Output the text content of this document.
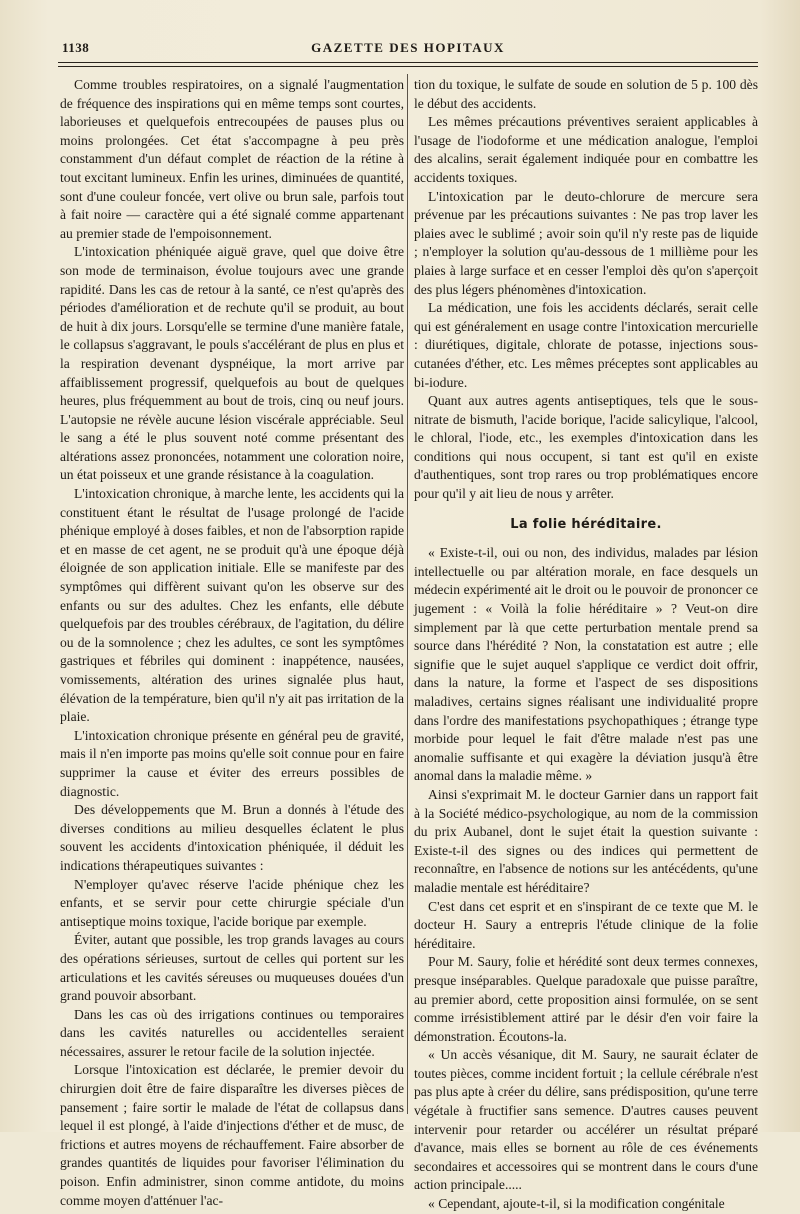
1138	GAZETTE DES HOPITAUX

Comme troubles respiratoires, on a signalé l'augmentation de fréquence des inspirations qui en même temps sont courtes, laborieuses et quelquefois entrecoupées de pauses plus ou moins prolongées. Cet état s'accompagne à peu près constamment d'un défaut complet de réaction de la rétine à tout excitant lumineux. Enfin les urines, diminuées de quantité, sont d'une couleur foncée, vert olive ou brun sale, parfois tout à fait noire — caractère qui a été signalé comme appartenant au premier stade de l'empoisonnement.

L'intoxication phéniquée aiguë grave, quel que doive être son mode de terminaison, évolue toujours avec une grande rapidité. Dans les cas de retour à la santé, ce n'est qu'après des périodes d'amélioration et de rechute qu'il se produit, au bout de huit à dix jours. Lorsqu'elle se termine d'une manière fatale, le collapsus s'aggravant, le pouls s'accélérant de plus en plus et la respiration devenant dyspnéique, la mort arrive par affaiblissement progressif, quelquefois au bout de quelques heures, plus fréquemment au bout de trois, cinq ou neuf jours. L'autopsie ne révèle aucune lésion viscérale appréciable. Seul le sang a été le plus souvent noté comme présentant des altérations assez prononcées, notamment une coloration noire, un état poisseux et une grande résistance à la coagulation.

L'intoxication chronique, à marche lente, les accidents qui la constituent étant le résultat de l'usage prolongé de l'acide phénique employé à doses faibles, et non de l'absorption rapide et en masse de cet agent, ne se produit qu'à une époque déjà éloignée de son application initiale. Elle se manifeste par des symptômes qui diffèrent suivant qu'on les observe sur des enfants ou sur des adultes. Chez les enfants, elle débute quelquefois par des troubles cérébraux, de l'agitation, du délire ou de la somnolence ; chez les adultes, ce sont les symptômes gastriques et fébriles qui dominent : inappétence, nausées, vomissements, altération des urines signalée plus haut, élévation de la température, bien qu'il n'y ait pas irritation de la plaie.

L'intoxication chronique présente en général peu de gravité, mais il n'en importe pas moins qu'elle soit connue pour en faire supprimer la cause et éviter des erreurs possibles de diagnostic.

Des développements que M. Brun a donnés à l'étude des diverses conditions au milieu desquelles éclatent le plus souvent les accidents d'intoxication phéniquée, il déduit les indications thérapeutiques suivantes :

N'employer qu'avec réserve l'acide phénique chez les enfants, et se servir pour cette chirurgie spéciale d'un antiseptique moins toxique, l'acide borique par exemple.

Éviter, autant que possible, les trop grands lavages au cours des opérations sérieuses, surtout de celles qui portent sur les articulations et les cavités séreuses ou muqueuses douées d'un grand pouvoir absorbant.

Dans les cas où des irrigations continues ou temporaires dans les cavités naturelles ou accidentelles seraient nécessaires, assurer le retour facile de la solution injectée.

Lorsque l'intoxication est déclarée, le premier devoir du chirurgien doit être de faire disparaître les diverses pièces de pansement ; faire sortir le malade de l'état de collapsus dans lequel il est plongé, à l'aide d'injections d'éther et de musc, de frictions et autres moyens de réchauffement. Faire absorber de grandes quantités de liquides pour favoriser l'élimination du poison. Enfin administrer, sinon comme antidote, du moins comme moyen d'atténuer l'ac-

tion du toxique, le sulfate de soude en solution de 5 p. 100 dès le début des accidents.

Les mêmes précautions préventives seraient applicables à l'usage de l'iodoforme et une médication analogue, l'emploi des alcalins, serait également indiquée pour en combattre les accidents toxiques.

L'intoxication par le deuto-chlorure de mercure sera prévenue par les précautions suivantes : Ne pas trop laver les plaies avec le sublimé ; avoir soin qu'il n'y reste pas de liquide ; n'employer la solution qu'au-dessous de 1 millième pour les plaies à large surface et en cesser l'emploi dès qu'on s'aperçoit des plus légers phénomènes d'intoxication.

La médication, une fois les accidents déclarés, serait celle qui est généralement en usage contre l'intoxication mercurielle : diurétiques, digitale, chlorate de potasse, injections sous-cutanées d'éther, etc. Les mêmes préceptes sont applicables au bi-iodure.

Quant aux autres agents antiseptiques, tels que le sous-nitrate de bismuth, l'acide borique, l'acide salicylique, l'alcool, le chloral, l'iode, etc., les exemples d'intoxication dans les conditions qui nous occupent, si tant est qu'il en existe d'authentiques, sont trop rares ou trop problématiques encore pour qu'il y ait lieu de nous y arrêter.

La folie héréditaire.

« Existe-t-il, oui ou non, des individus, malades par lésion intellectuelle ou par altération morale, en face desquels un médecin expérimenté ait le droit ou le pouvoir de prononcer ce jugement : « Voilà la folie héréditaire » ? Veut-on dire simplement par là que cette perturbation mentale prend sa source dans l'hérédité ? Non, la constatation est autre ; elle signifie que le sujet auquel s'applique ce verdict doit offrir, dans la nature, la forme et l'aspect de ses dispositions maladives, certains signes réalisant une individualité propre dans l'ordre des manifestations psychopathiques ; étrange type morbide pour lequel le fait d'être malade n'est pas une anomalie suffisante et qui exagère la déviation jusqu'à être anomal dans la maladie même. »

Ainsi s'exprimait M. le docteur Garnier dans un rapport fait à la Société médico-psychologique, au nom de la commission du prix Aubanel, dont le sujet était la question suivante : Existe-t-il des signes ou des indices qui permettent de reconnaître, en l'absence de notions sur les antécédents, qu'une maladie mentale est héréditaire?

C'est dans cet esprit et en s'inspirant de ce texte que M. le docteur H. Saury a entrepris l'étude clinique de la folie héréditaire.

Pour M. Saury, folie et hérédité sont deux termes connexes, presque inséparables. Quelque paradoxale que puisse paraître, au premier abord, cette proposition ainsi formulée, on se sent comme irrésistiblement attiré par le désir d'en voir faire la démonstration. Écoutons-la.

« Un accès vésanique, dit M. Saury, ne saurait éclater de toutes pièces, comme incident fortuit ; la cellule cérébrale n'est pas plus apte à créer du délire, sans prédisposition, qu'une terre végétale à fructifier sans semence. D'autres causes peuvent intervenir pour retarder ou accélérer un résultat préparé d'avance, mais elles se bornent au rôle de ces événements secondaires et accessoires qui se montrent dans le cours d'une action principale.....

« Cependant, ajoute-t-il, si la modification congénitale
